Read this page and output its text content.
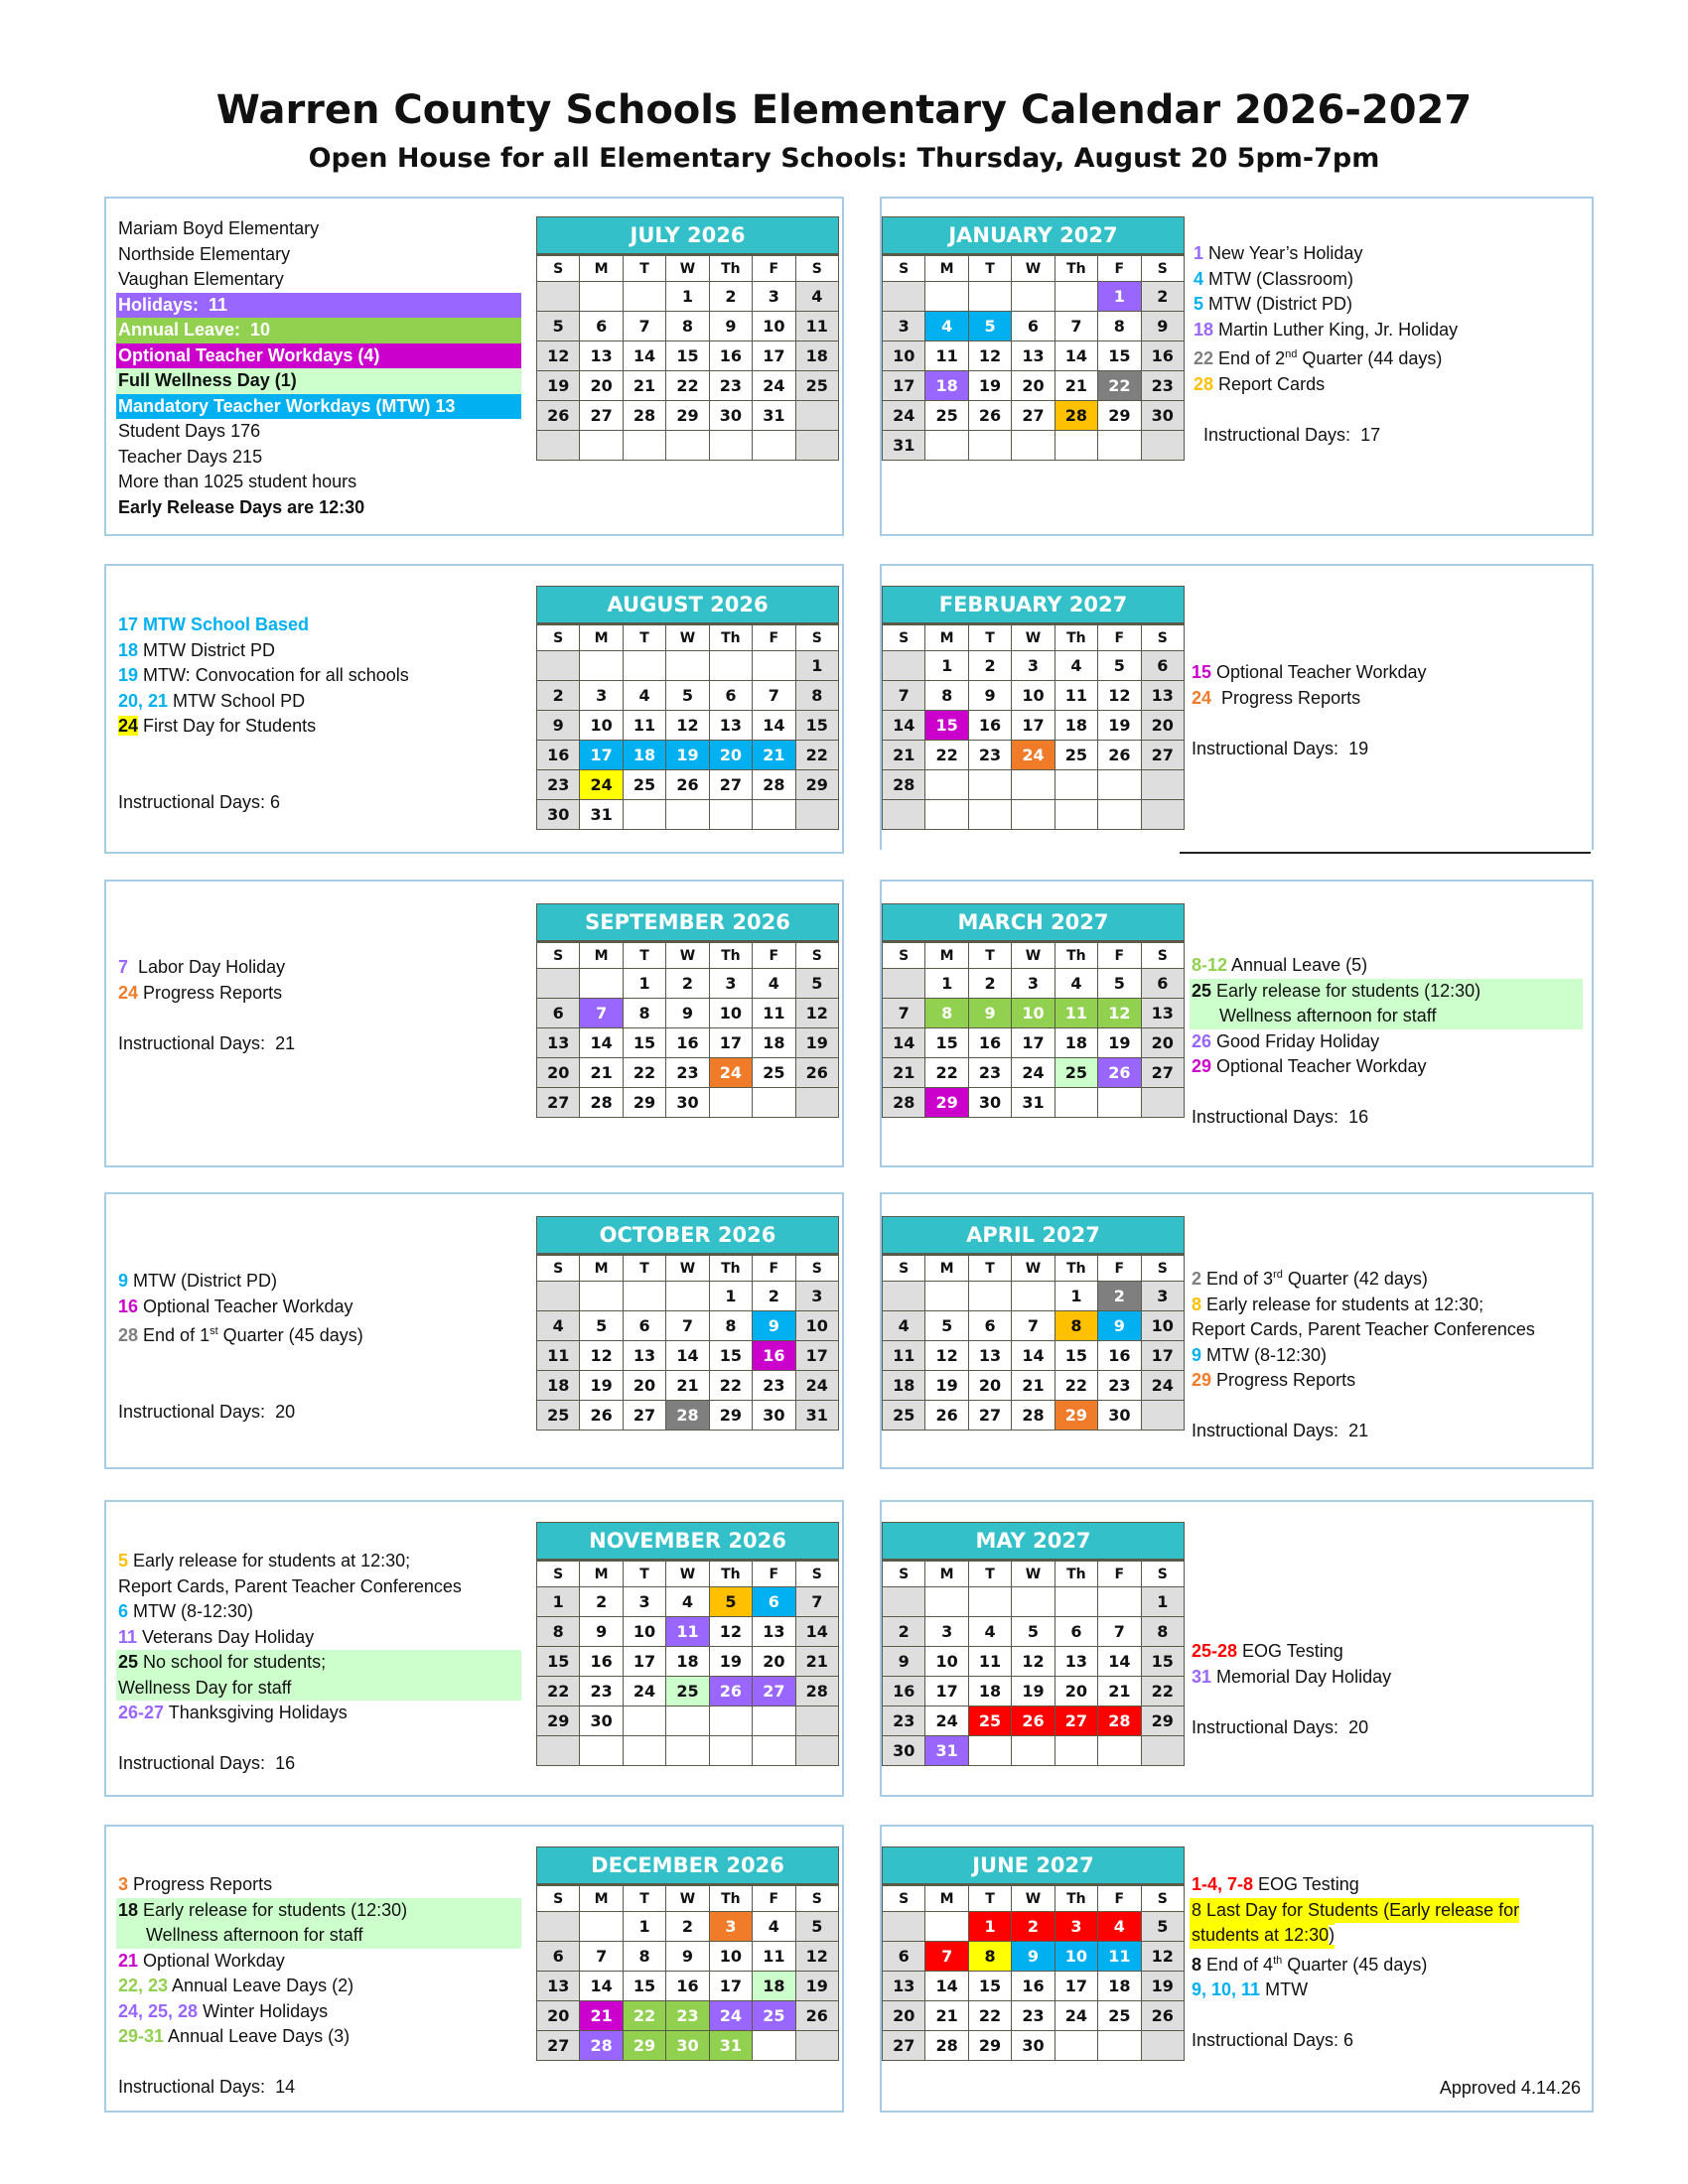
Warren County Schools Elementary Calendar 2026-2027
Open House for all Elementary Schools: Thursday, August 20 5pm-7pm
JULY 2026						
S	M	T	W	Th	F	S
			1	2	3	4
5	6	7	8	9	10	11
12	13	14	15	16	17	18
19	20	21	22	23	24	25
26	27	28	29	30	31	

Mariam Boyd Elementary
Northside Elementary
Vaughan Elementary
Holidays:  11
Annual Leave:  10
Optional Teacher Workdays (4)
Full Wellness Day (1)
Mandatory Teacher Workdays (MTW) 13
Student Days 176
Teacher Days 215
More than 1025 student hours
Early Release Days are 12:30
JANUARY 2027						
S	M	T	W	Th	F	S
					1	2
3	4	5	6	7	8	9
10	11	12	13	14	15	16
17	18	19	20	21	22	23
24	25	26	27	28	29	30
31						
1 New Year’s Holiday
4 MTW (Classroom)
5 MTW (District PD)
18 Martin Luther King, Jr. Holiday
22 End of 2nd Quarter (44 days)
28 Report Cards
Instructional Days:  17
AUGUST 2026						
S	M	T	W	Th	F	S
						1
2	3	4	5	6	7	8
9	10	11	12	13	14	15
16	17	18	19	20	21	22
23	24	25	26	27	28	29
30	31					
17 MTW School Based
18 MTW District PD
19 MTW: Convocation for all schools
20, 21 MTW School PD
24 First Day for Students
Instructional Days: 6
FEBRUARY 2027						
S	M	T	W	Th	F	S
	1	2	3	4	5	6
7	8	9	10	11	12	13
14	15	16	17	18	19	20
21	22	23	24	25	26	27
28						

15 Optional Teacher Workday
24  Progress Reports
Instructional Days:  19
SEPTEMBER 2026						
S	M	T	W	Th	F	S
		1	2	3	4	5
6	7	8	9	10	11	12
13	14	15	16	17	18	19
20	21	22	23	24	25	26
27	28	29	30			
7  Labor Day Holiday
24 Progress Reports
Instructional Days:  21
MARCH 2027						
S	M	T	W	Th	F	S
	1	2	3	4	5	6
7	8	9	10	11	12	13
14	15	16	17	18	19	20
21	22	23	24	25	26	27
28	29	30	31			
8-12 Annual Leave (5)
25 Early release for students (12:30)
Wellness afternoon for staff
26 Good Friday Holiday
29 Optional Teacher Workday
Instructional Days:  16
OCTOBER 2026						
S	M	T	W	Th	F	S
				1	2	3
4	5	6	7	8	9	10
11	12	13	14	15	16	17
18	19	20	21	22	23	24
25	26	27	28	29	30	31
9 MTW (District PD)
16 Optional Teacher Workday
28 End of 1st Quarter (45 days)
Instructional Days:  20
APRIL 2027						
S	M	T	W	Th	F	S
				1	2	3
4	5	6	7	8	9	10
11	12	13	14	15	16	17
18	19	20	21	22	23	24
25	26	27	28	29	30	
2 End of 3rd Quarter (42 days)
8 Early release for students at 12:30;
Report Cards, Parent Teacher Conferences
9 MTW (8-12:30)
29 Progress Reports
Instructional Days:  21
NOVEMBER 2026						
S	M	T	W	Th	F	S
1	2	3	4	5	6	7
8	9	10	11	12	13	14
15	16	17	18	19	20	21
22	23	24	25	26	27	28
29	30					

5 Early release for students at 12:30;
Report Cards, Parent Teacher Conferences
6 MTW (8-12:30)
11 Veterans Day Holiday
25 No school for students;
Wellness Day for staff
26-27 Thanksgiving Holidays
Instructional Days:  16
MAY 2027						
S	M	T	W	Th	F	S
						1
2	3	4	5	6	7	8
9	10	11	12	13	14	15
16	17	18	19	20	21	22
23	24	25	26	27	28	29
30	31					
25-28 EOG Testing
31 Memorial Day Holiday
Instructional Days:  20
DECEMBER 2026						
S	M	T	W	Th	F	S
		1	2	3	4	5
6	7	8	9	10	11	12
13	14	15	16	17	18	19
20	21	22	23	24	25	26
27	28	29	30	31		
3 Progress Reports
18 Early release for students (12:30)
Wellness afternoon for staff
21 Optional Workday
22, 23 Annual Leave Days (2)
24, 25, 28 Winter Holidays
29-31 Annual Leave Days (3)
Instructional Days:  14
JUNE 2027						
S	M	T	W	Th	F	S
		1	2	3	4	5
6	7	8	9	10	11	12
13	14	15	16	17	18	19
20	21	22	23	24	25	26
27	28	29	30			
1-4, 7-8 EOG Testing
8 Last Day for Students (Early release for
students at 12:30)
8 End of 4th Quarter (45 days)
9, 10, 11 MTW
Instructional Days: 6
Approved 4.14.26
